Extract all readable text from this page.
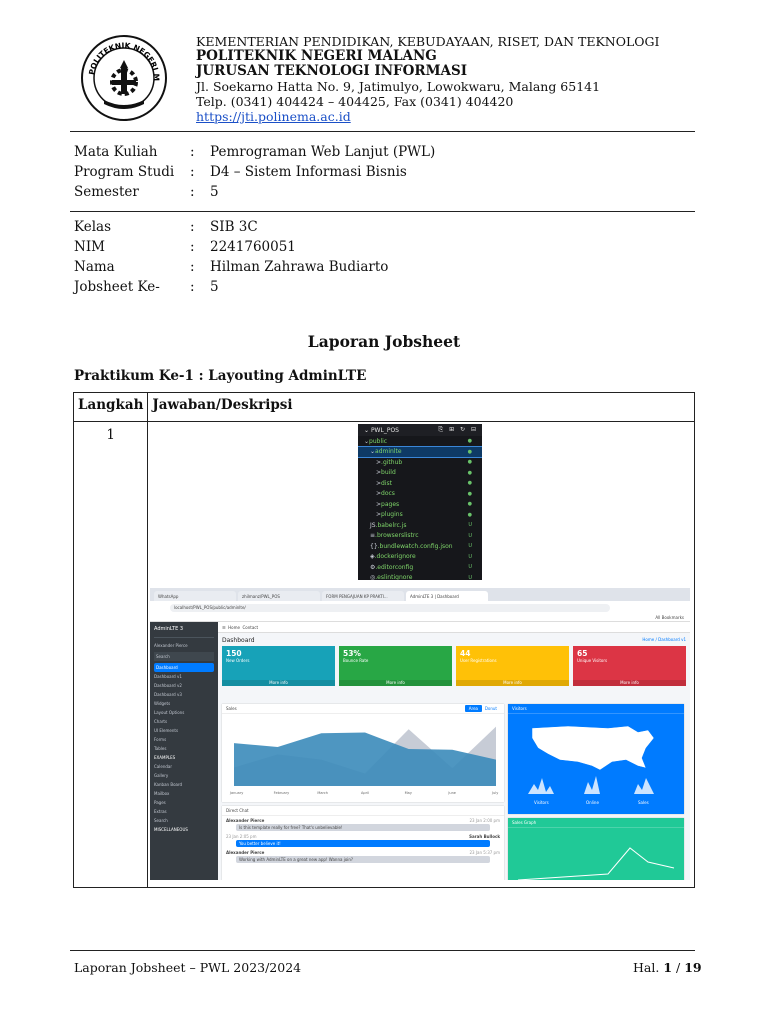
POLITEKNIK NEGERI M
KEMENTERIAN PENDIDIKAN, KEBUDAYAAN, RISET, DAN TEKNOLOGI
POLITEKNIK NEGERI MALANG
JURUSAN TEKNOLOGI INFORMASI
Jl. Soekarno Hatta No. 9, Jatimulyo, Lowokwaru, Malang 65141
Telp. (0341) 404424 – 404425, Fax (0341) 404420
https://jti.polinema.ac.id
Mata Kuliah	:	Pemrograman Web Lanjut (PWL)
Program Studi	:	D4 – Sistem Informasi Bisnis
Semester	:	5
Kelas	:	SIB 3C
NIM	:	2241760051
Nama	:	Hilman Zahrawa Budiarto
Jobsheet Ke-	:	5
Laporan Jobsheet
Praktikum Ke-1 : Layouting AdminLTE
Langkah	Jawaban/Deskripsi
1		⌄ PWL_POS	⎘ ⊞ ↻ ⊟
⌄ public	●
⌄ adminlte	●
> .github	●
> build	●
> dist	●
> docs	●
> pages	●
> plugins	●
JS .babelrc.js	U
≡ .browserslistrc	U
{} .bundlewatch.config.json	U
◈ .dockerignore	U
⚙ .editorconfig	U
◎ .eslintignore	U
WhatsApp	zhilmanz/PWL_POS	FORM PENGAJUAN KP PRAKTI...	AdminLTE 3 | Dashboard
localhost/PWL_POS/public/adminlte/
All Bookmarks
AdminLTE 3
Alexander Pierce
Search
Dashboard
Dashboard v1
Dashboard v2
Dashboard v3
Widgets
Layout Options
Charts
UI Elements
Forms
Tables
EXAMPLES
Calendar
Gallery
Kanban Board
Mailbox
Pages
Extras
Search
MISCELLANEOUS
☰ Home
Contact
Dashboard	Home / Dashboard v1
150
New Orders
More info
53%
Bounce Rate
More info
44
User Registrations
More info
65
Unique Visitors
More info
Sales	Area	Donut
January	February	March	April	May	June	July
Visitors
Visitors	Online	Sales
Direct Chat
Alexander Pierce	23 Jan 2:00 pm
Is this template really for free? That's unbelievable!
Sarah Bullock
23 Jan 2:05 pm
You better believe it!
Alexander Pierce	23 Jan 5:37 pm
Working with AdminLTE on a great new app! Wanna join?
Sales Graph
Laporan Jobsheet – PWL 2023/2024	Hal. 1 / 19
